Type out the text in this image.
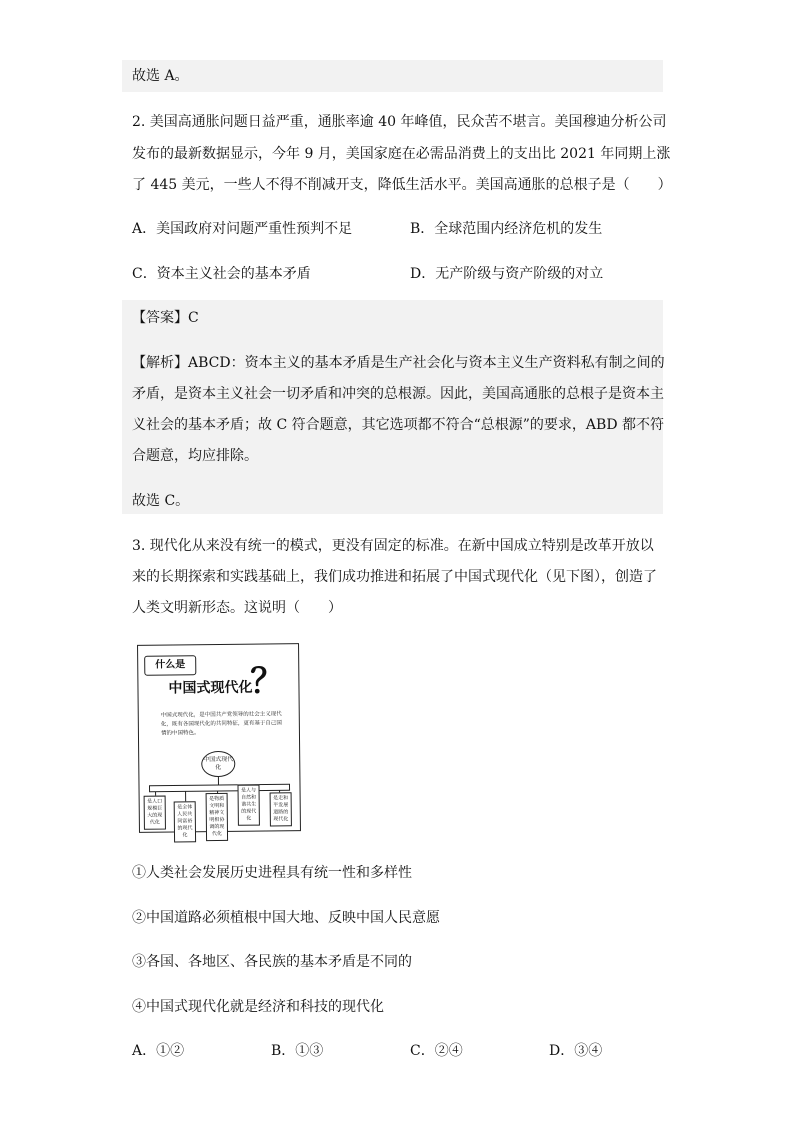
故选 A。
2. 美国高通胀问题日益严重，通胀率逾 40 年峰值，民众苦不堪言。美国穆迪分析公司
发布的最新数据显示，今年 9 月，美国家庭在必需品消费上的支出比 2021 年同期上涨
了 445 美元，一些人不得不削减开支，降低生活水平。美国高通胀的总根子是（　　）
A．美国政府对问题严重性预判不足	B．全球范围内经济危机的发生
C．资本主义社会的基本矛盾	D．无产阶级与资产阶级的对立
【答案】C
【解析】ABCD：资本主义的基本矛盾是生产社会化与资本主义生产资料私有制之间的
矛盾，是资本主义社会一切矛盾和冲突的总根源。因此，美国高通胀的总根子是资本主
义社会的基本矛盾；故 C 符合题意，其它选项都不符合“总根源”的要求，ABD 都不符
合题意，均应排除。
故选 C。
3. 现代化从来没有统一的模式，更没有固定的标准。在新中国成立特别是改革开放以
来的长期探索和实践基础上，我们成功推进和拓展了中国式现代化（见下图），创造了
人类文明新形态。这说明（　　）
什么是
中国式现代化
？
中国式现代化，是中国共产党领导的社会主义现代化，既有各国现代化的共同特征，更有基于自己国情的中国特色。
中国式现代化
是人口规模巨大的现代化
是全体人民共同富裕的现代化
是物质文明和精神文明相协调的现代化
是人与自然和谐共生的现代化
是走和平发展道路的现代化
①人类社会发展历史进程具有统一性和多样性
②中国道路必须植根中国大地、反映中国人民意愿
③各国、各地区、各民族的基本矛盾是不同的
④中国式现代化就是经济和科技的现代化
A．①②	B．①③	C．②④	D．③④
